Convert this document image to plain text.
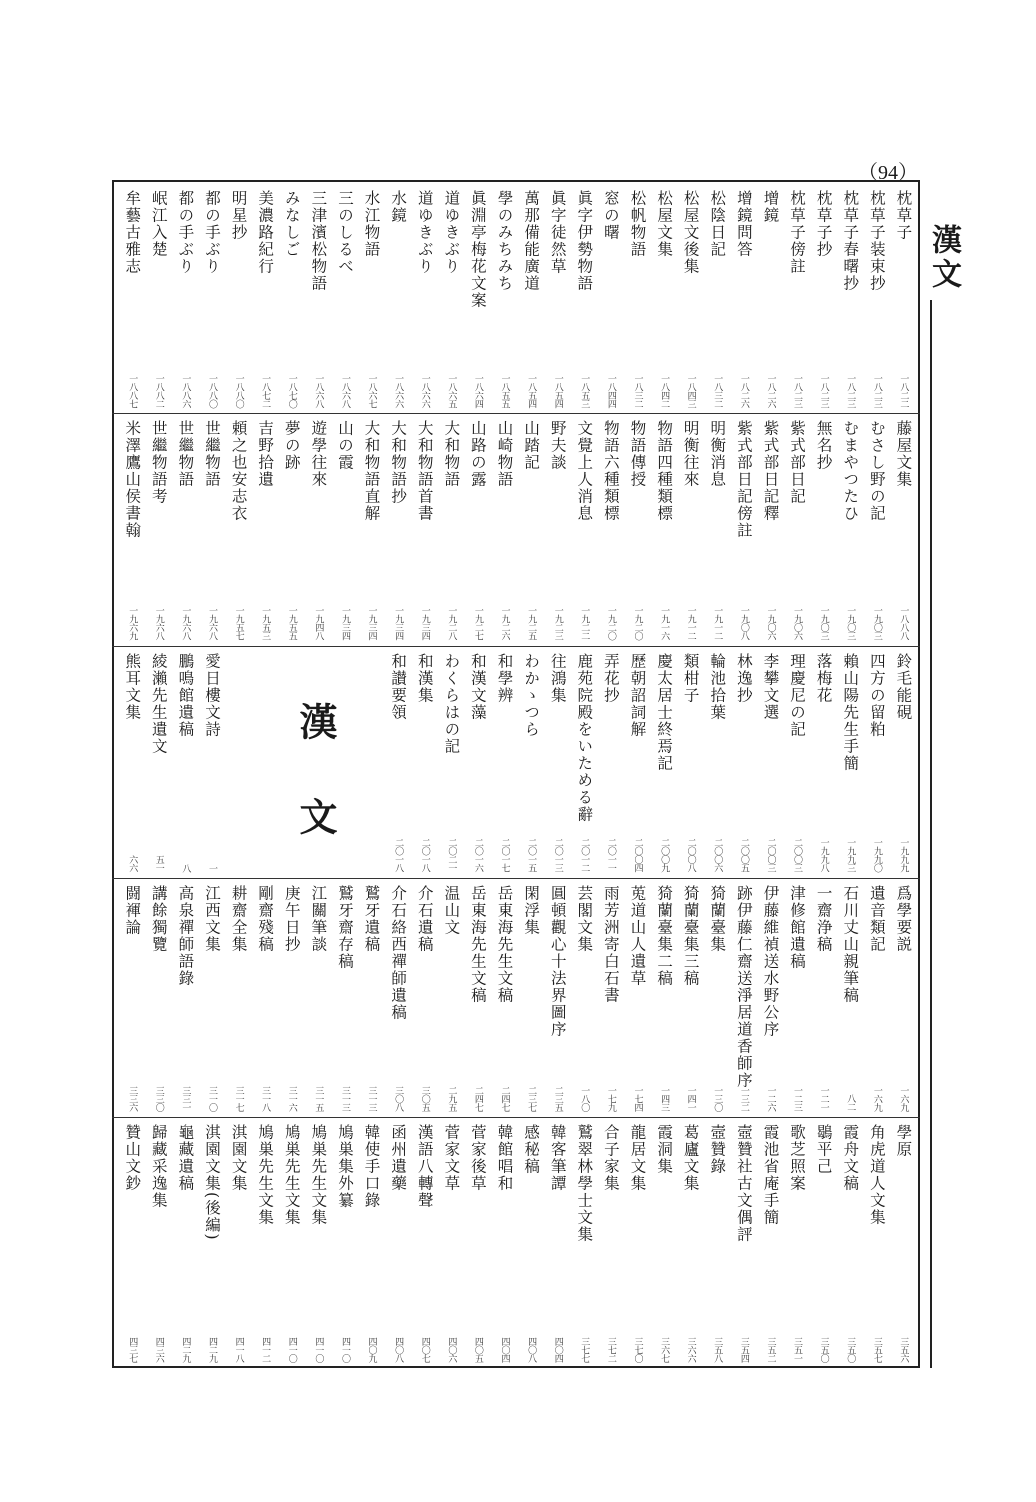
（94）
漢文
枕草子
一八二二
枕草子装束抄
一八二三
枕草子春曙抄
一八二三
枕草子抄
一八二三
枕草子傍註
一八二三
增鏡
一八二六
增鏡問答
一八二六
松陰日記
一八三二
松屋文後集
一八四三
松屋文集
一八四二
松帆物語
一八三二
窓の曙
一八四四
眞字伊勢物語
一八五三
眞字徒然草
一八五四
萬那備能廣道
一八五四
學のみちみち
一八五五
眞淵亭梅花文案
一八六四
道ゆきぶり
一八六五
道ゆきぶり
一八六六
水鏡
一八六六
水江物語
一八六七
三のしるべ
一八六八
三津濱松物語
一八六八
みなしご
一八七〇
美濃路紀行
一八七二
明星抄
一八八〇
都の手ぶり
一八八〇
都の手ぶり
一八八六
岷江入楚
一八八二
牟藝古雅志
一八八七
藤屋文集
一八八八
むさし野の記
一九〇三
むまやつたひ
一九〇三
無名抄
一九〇三
紫式部日記
一九〇六
紫式部日記釋
一九〇六
紫式部日記傍註
一九〇八
明衡消息
一九一二
明衡往來
一九一二
物語四種類標
一九一六
物語傳授
一九二〇
物語六種類標
一九二〇
文覺上人消息
一九二二
野夫談
一九二三
山踏記
一九二五
山崎物語
一九二六
山路の露
一九二七
大和物語
一九二八
大和物語首書
一九三四
大和物語抄
一九三四
大和物語直解
一九三四
山の霞
一九三四
遊學往來
一九四八
夢の跡
一九五五
吉野拾遺
一九五三
頼之也安志衣
一九五七
世繼物語
一九六八
世繼物語
一九六八
世繼物語考
一九六八
米澤鷹山侯書翰
一九六九
鈴毛能硯
一九九九
四方の留粕
一九九〇
賴山陽先生手簡
一九九三
落梅花
一九九八
理慶尼の記
二〇〇三
李攀文選
二〇〇三
林逸抄
二〇〇五
輪池拾葉
二〇〇六
類柑子
二〇〇八
慶太居士終焉記
二〇〇九
歷朝詔詞解
二〇〇四
弄花抄
二〇一一
鹿苑院殿をいためる辭
二〇一二
往鴻集
二〇一三
わかゝつら
二〇一五
和學辨
二〇一七
和漢文藻
二〇一六
わくらはの記
二〇二一
和漢集
二〇一八
和讃要領
二〇一八
愛日樓文詩
一
鵬鳴館遺稿
八
綾瀨先生遺文
五一
熊耳文集
六六
爲學要説
一六九
遺音類記
一六九
石川丈山親筆稿
八二
一齋浄稿
一二一
津修館遺稿
一二三
伊藤維禎送水野公序
一二六
跡伊藤仁齋送淨居道香師序
一三二
猗蘭臺集
一三〇
猗蘭臺集三稿
一四一
猗蘭臺集二稿
一四三
莵道山人遺草
一七四
雨芳洲寄白石書
一七九
芸閣文集
一八〇
圓頓觀心十法界圖序
二三五
閑浮集
二三七
岳東海先生文稿
二四七
岳東海先生文稿
二四七
温山文
二九五
介石遺稿
三〇五
介石絡西禪師遺稿
三〇八
鷲牙遺稿
三一三
鷲牙齋存稿
三一三
江關筆談
三一五
庚午日抄
三一六
剛齋殘稿
三一八
耕齋全集
三一七
江西文集
三一〇
高泉禪師語錄
三三一
講餘獨覽
三三〇
闘褌論
三三六
學原
三五六
角虎道人文集
三五七
霞舟文稿
三五〇
鶡平己
三五〇
歌芝照案
三五一
霞池省庵手簡
三五二
壼贊社古文偶評
三五四
壼贊錄
三五八
葛廬文集
三六六
霞洞集
三六七
龍居文集
三七〇
合子家集
三七二
鷲翠林學士文集
三七七
韓客筆譚
四〇四
感秘稿
四〇八
韓館唱和
四〇四
菅家後草
四〇五
菅家文草
四〇六
漢語八轉聲
四〇七
函州遺藥
四〇八
韓使手口錄
四〇九
鳩巣集外纂
四一〇
鳩巣先生文集
四一〇
鳩巣先生文集
四一〇
鳩巣先生文集
四一二
淇園文集
四一八
淇園文集(後編)
四二九
龜藏遺稿
四二九
歸藏采逸集
四三六
贊山文鈔
四三七
漢 文
